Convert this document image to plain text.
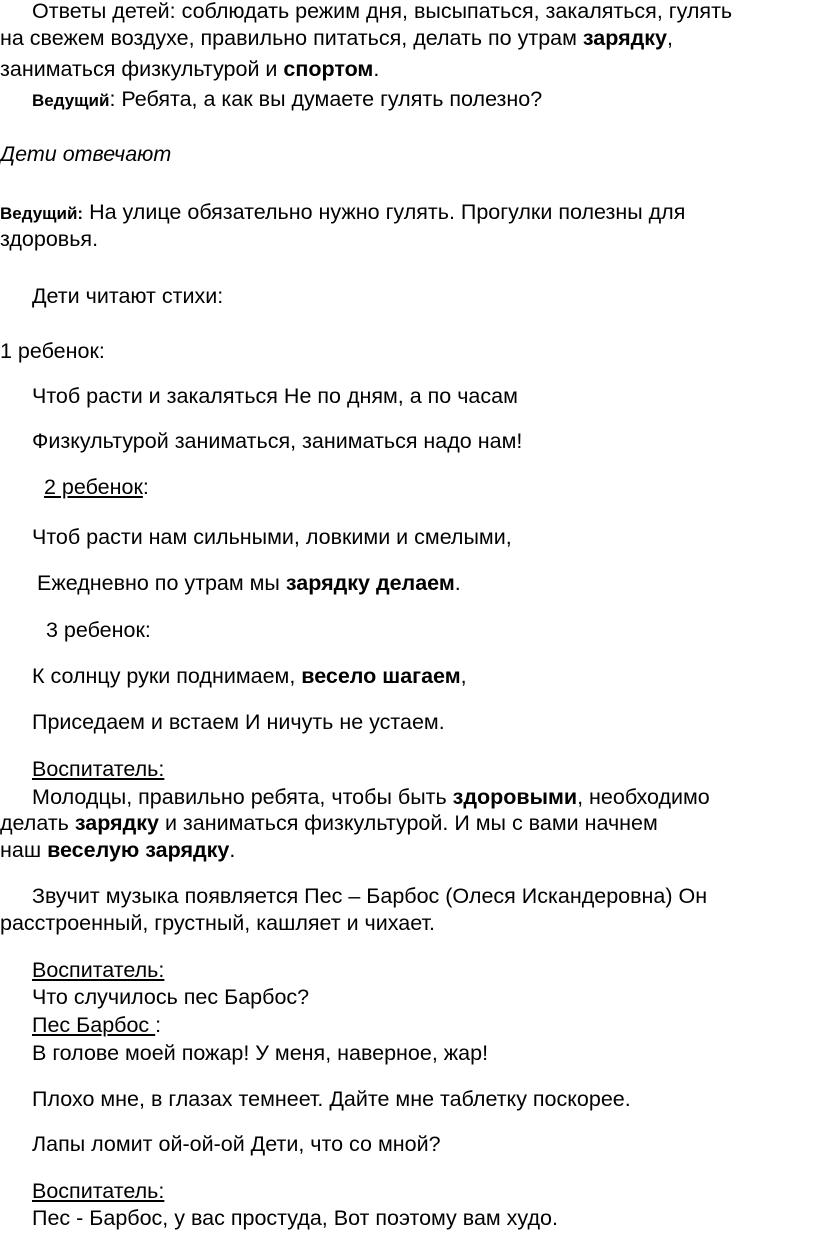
Ответы детей: соблюдать режим дня, высыпаться, закаляться, гулять
на свежем воздухе, правильно питаться, делать по утрам зарядку,
заниматься физкультурой и спортом.
Ведущий: Ребята, а как вы думаете гулять полезно?
Дети отвечают
Ведущий: На улице обязательно нужно гулять. Прогулки полезны для
здоровья.
Дети читают стихи:
1 ребенок:
Чтоб расти и закаляться Не по дням, а по часам
Физкультурой заниматься, заниматься надо нам!
2 ребенок:
Чтоб расти нам сильными, ловкими и смелыми,
Ежедневно по утрам мы зарядку делаем.
3 ребенок:
К солнцу руки поднимаем, весело шагаем,
Приседаем и встаем И ничуть не устаем.
Воспитатель:
Молодцы, правильно ребята, чтобы быть здоровыми, необходимо
делать зарядку и заниматься физкультурой. И мы с вами начнем
наш веселую зарядку.
Звучит музыка появляется Пес – Барбос (Олеся Искандеровна) Он
расстроенный, грустный, кашляет и чихает.
Воспитатель:
Что случилось пес Барбос?
Пес Барбос :
В голове моей пожар! У меня, наверное, жар!
Плохо мне, в глазах темнеет. Дайте мне таблетку поскорее.
Лапы ломит ой-ой-ой Дети, что со мной?
Воспитатель:
Пес - Барбос, у вас простуда, Вот поэтому вам худо.
